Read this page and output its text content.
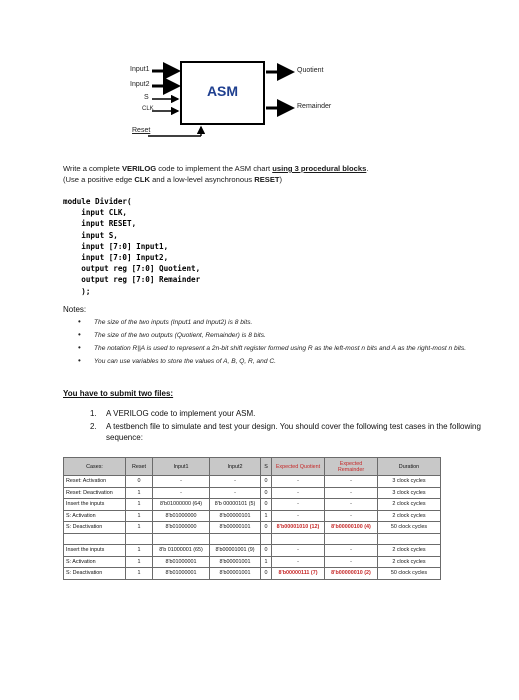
ASM
Input1
Input2
S
CLK
Reset
Quotient
Remainder
Write a complete VERILOG code to implement the ASM chart using 3 procedural blocks.
(Use a positive edge CLK and a low-level asynchronous RESET)
module Divider(
input CLK,
input RESET,
input S,
input [7:0] Input1,
input [7:0] Input2,
output reg [7:0] Quotient,
output reg [7:0] Remainder
);
Notes:
• The size of the two inputs (Input1 and Input2) is 8 bits.
• The size of the two outputs (Quotient, Remainder) is 8 bits.
• The notation R||A is used to represent a 2n-bit shift register formed using R as the left-most n bits and A as the right-most n bits.
• You can use variables to store the values of A, B, Q, R, and C.
You have to submit two files:
1. A VERILOG code to implement your ASM.
2. A testbench file to simulate and test your design. You should cover the following test cases in the following sequence:
Cases:	Reset	Input1	Input2	S	Expected Quotient	Expected Remainder	Duration
Reset: Activation	0	-	-	0	-	-	3 clock cycles
Reset: Deactivation	1	-	-	0	-	-	3 clock cycles
Insert the inputs	1	8'b01000000 (64)	8'b 00000101 (5)	0	-	-	2 clock cycles
S: Activation	1	8'b01000000	8'b00000101	1	-	-	2 clock cycles
S: Deactivation	1	8'b01000000	8'b00000101	0	8'b00001010 (12)	8'b00000100 (4)	50 clock cycles

Insert the inputs	1	8'b 01000001 (65)	8'b00001001 (9)	0	-	-	2 clock cycles
S: Activation	1	8'b01000001	8'b00001001	1	-	-	2 clock cycles
S: Deactivation	1	8'b01000001	8'b00001001	0	8'b00000111 (7)	8'b00000010 (2)	50 clock cycles
